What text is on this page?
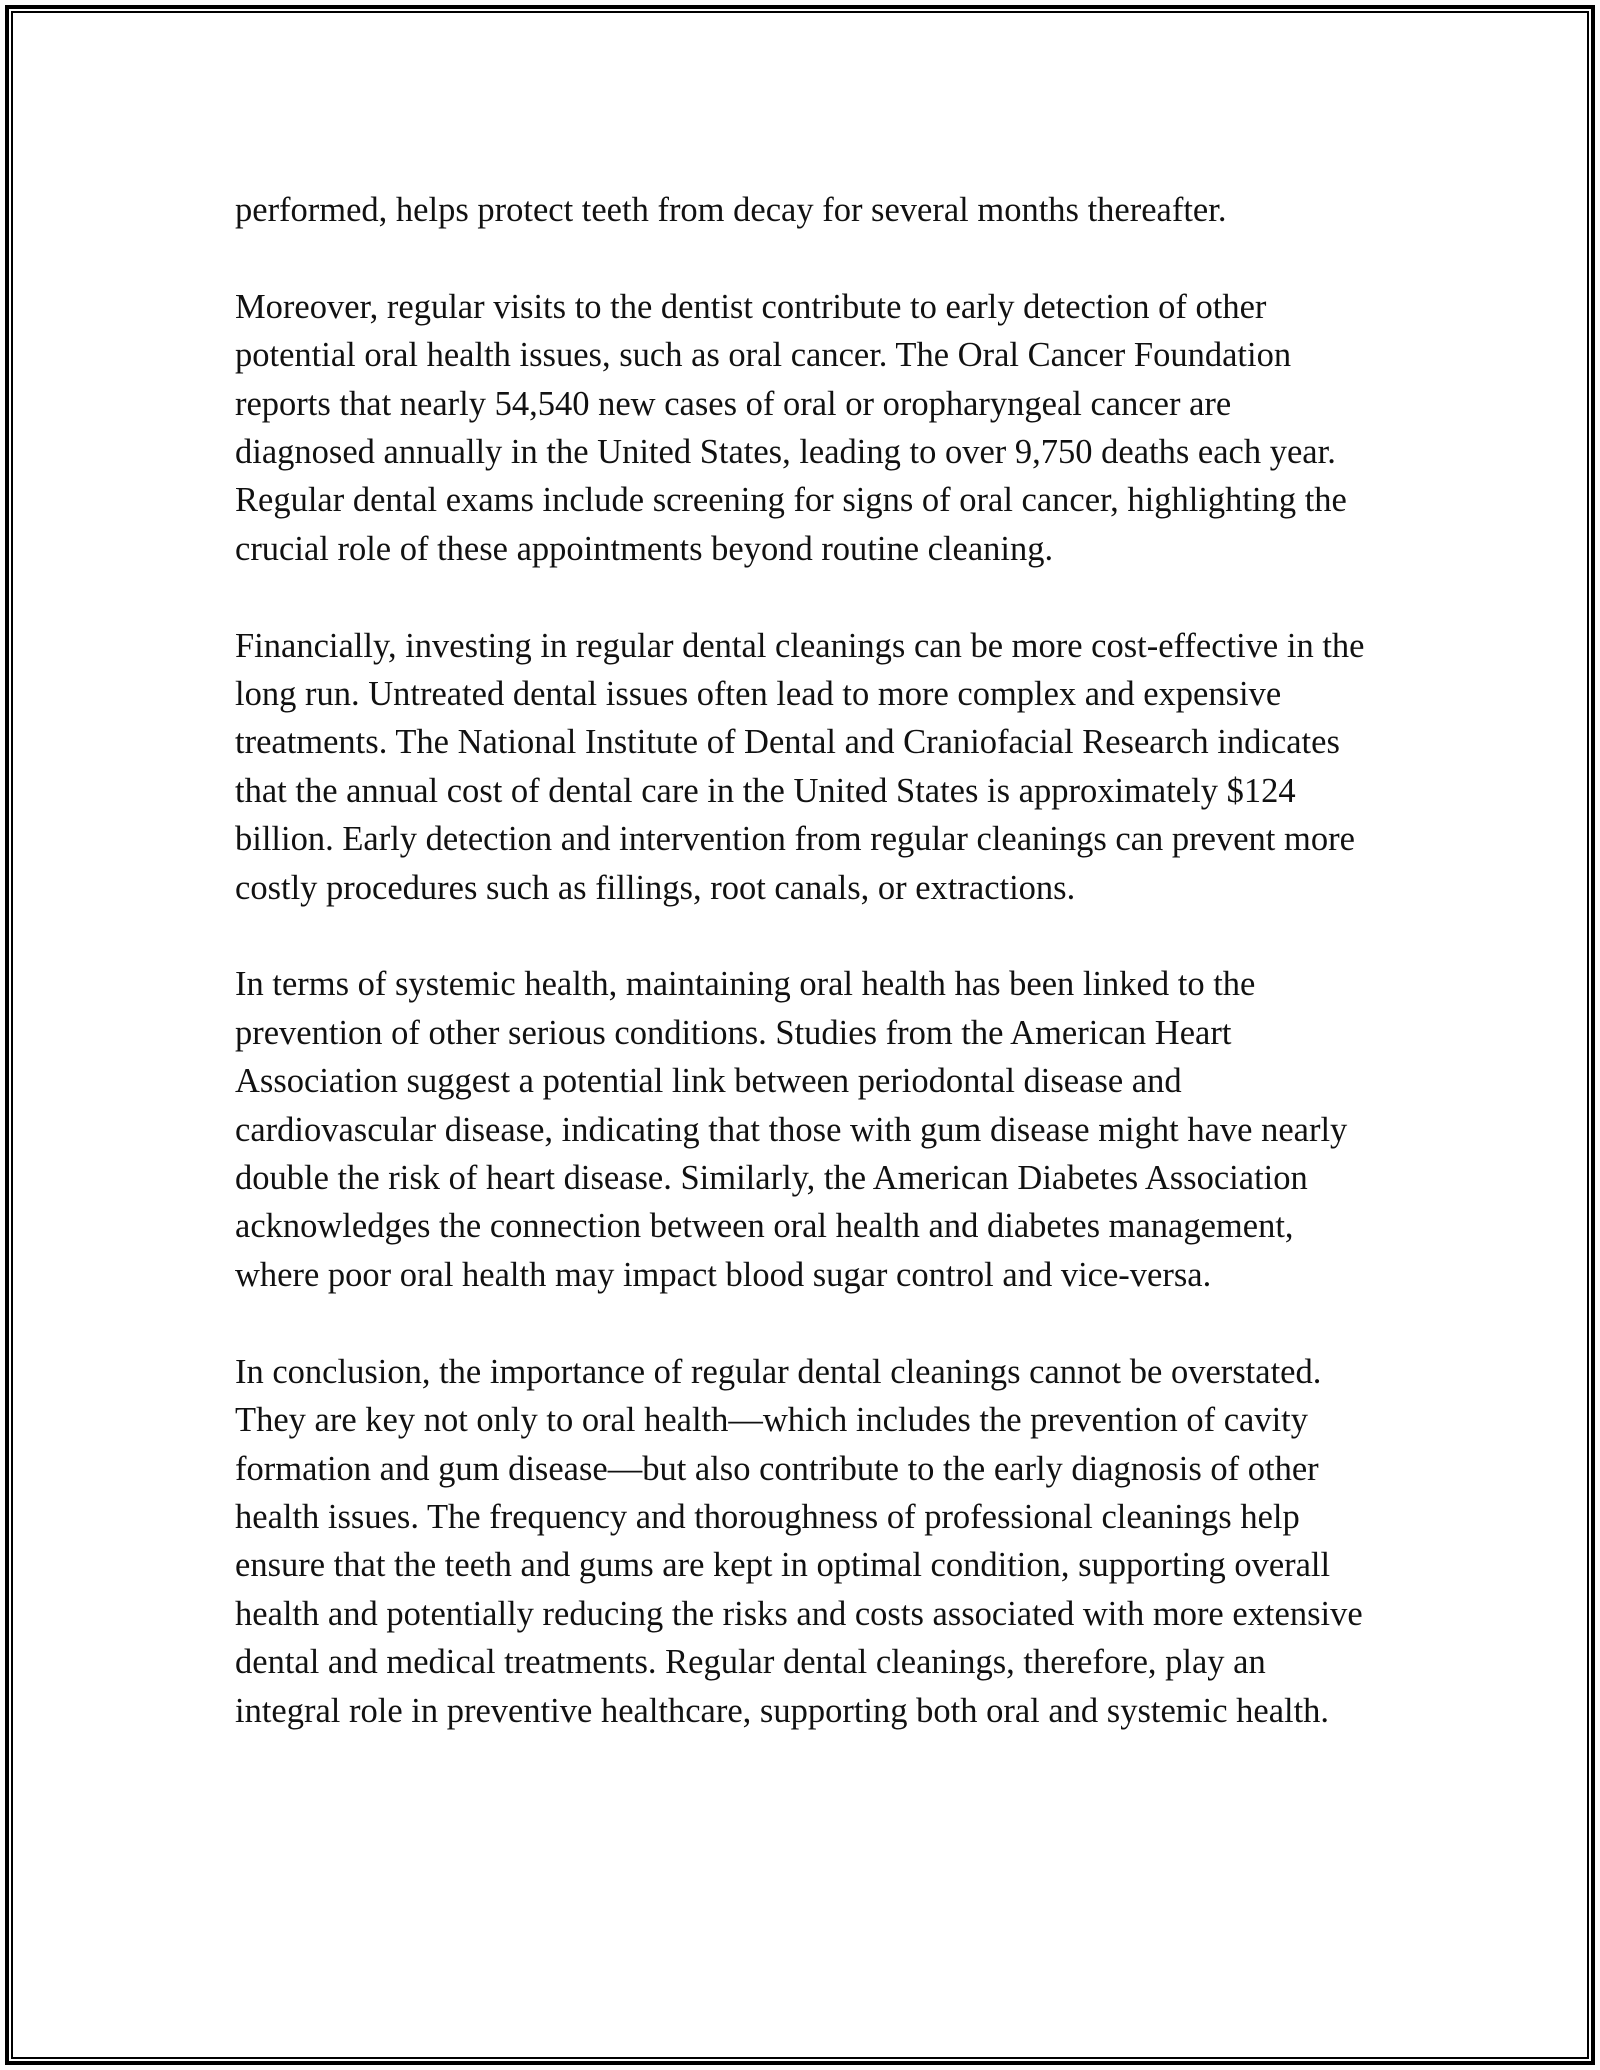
performed, helps protect teeth from decay for several months thereafter.

Moreover, regular visits to the dentist contribute to early detection of other potential oral health issues, such as oral cancer. The Oral Cancer Foundation reports that nearly 54,540 new cases of oral or oropharyngeal cancer are diagnosed annually in the United States, leading to over 9,750 deaths each year. Regular dental exams include screening for signs of oral cancer, highlighting the crucial role of these appointments beyond routine cleaning.

Financially, investing in regular dental cleanings can be more cost-effective in the long run. Untreated dental issues often lead to more complex and expensive treatments. The National Institute of Dental and Craniofacial Research indicates that the annual cost of dental care in the United States is approximately $124 billion. Early detection and intervention from regular cleanings can prevent more costly procedures such as fillings, root canals, or extractions.

In terms of systemic health, maintaining oral health has been linked to the prevention of other serious conditions. Studies from the American Heart Association suggest a potential link between periodontal disease and cardiovascular disease, indicating that those with gum disease might have nearly double the risk of heart disease. Similarly, the American Diabetes Association acknowledges the connection between oral health and diabetes management, where poor oral health may impact blood sugar control and vice-versa.

In conclusion, the importance of regular dental cleanings cannot be overstated. They are key not only to oral health—which includes the prevention of cavity formation and gum disease—but also contribute to the early diagnosis of other health issues. The frequency and thoroughness of professional cleanings help ensure that the teeth and gums are kept in optimal condition, supporting overall health and potentially reducing the risks and costs associated with more extensive dental and medical treatments. Regular dental cleanings, therefore, play an integral role in preventive healthcare, supporting both oral and systemic health.
